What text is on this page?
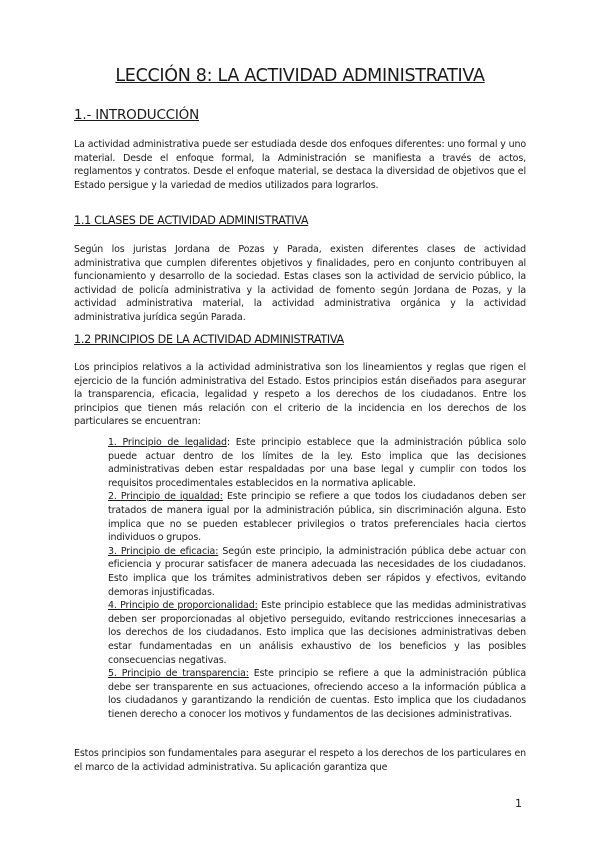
LECCIÓN 8: LA ACTIVIDAD ADMINISTRATIVA
1.- INTRODUCCIÓN

La actividad administrativa puede ser estudiada desde dos enfoques diferentes: uno formal y uno material. Desde el enfoque formal, la Administración se manifiesta a través de actos, reglamentos y contratos. Desde el enfoque material, se destaca la diversidad de objetivos que el Estado persigue y la variedad de medios utilizados para lograrlos.

1.1 CLASES DE ACTIVIDAD ADMINISTRATIVA

Según los juristas Jordana de Pozas y Parada, existen diferentes clases de actividad administrativa que cumplen diferentes objetivos y finalidades, pero en conjunto contribuyen al funcionamiento y desarrollo de la sociedad. Estas clases son la actividad de servicio público, la actividad de policía administrativa y la actividad de fomento según Jordana de Pozas, y la actividad administrativa material, la actividad administrativa orgánica y la actividad administrativa jurídica según Parada.

1.2 PRINCIPIOS DE LA ACTIVIDAD ADMINISTRATIVA

Los principios relativos a la actividad administrativa son los lineamientos y reglas que rigen el ejercicio de la función administrativa del Estado. Estos principios están diseñados para asegurar la transparencia, eficacia, legalidad y respeto a los derechos de los ciudadanos. Entre los principios que tienen más relación con el criterio de la incidencia en los derechos de los particulares se encuentran:

1. Principio de legalidad: Este principio establece que la administración pública solo puede actuar dentro de los límites de la ley. Esto implica que las decisiones administrativas deben estar respaldadas por una base legal y cumplir con todos los requisitos procedimentales establecidos en la normativa aplicable.
2. Principio de igualdad: Este principio se refiere a que todos los ciudadanos deben ser tratados de manera igual por la administración pública, sin discriminación alguna. Esto implica que no se pueden establecer privilegios o tratos preferenciales hacia ciertos individuos o grupos.
3. Principio de eficacia: Según este principio, la administración pública debe actuar con eficiencia y procurar satisfacer de manera adecuada las necesidades de los ciudadanos. Esto implica que los trámites administrativos deben ser rápidos y efectivos, evitando demoras injustificadas.
4. Principio de proporcionalidad: Este principio establece que las medidas administrativas deben ser proporcionadas al objetivo perseguido, evitando restricciones innecesarias a los derechos de los ciudadanos. Esto implica que las decisiones administrativas deben estar fundamentadas en un análisis exhaustivo de los beneficios y las posibles consecuencias negativas.
5. Principio de transparencia: Este principio se refiere a que la administración pública debe ser transparente en sus actuaciones, ofreciendo acceso a la información pública a los ciudadanos y garantizando la rendición de cuentas. Esto implica que los ciudadanos tienen derecho a conocer los motivos y fundamentos de las decisiones administrativas.

Estos principios son fundamentales para asegurar el respeto a los derechos de los particulares en el marco de la actividad administrativa. Su aplicación garantiza que

1
